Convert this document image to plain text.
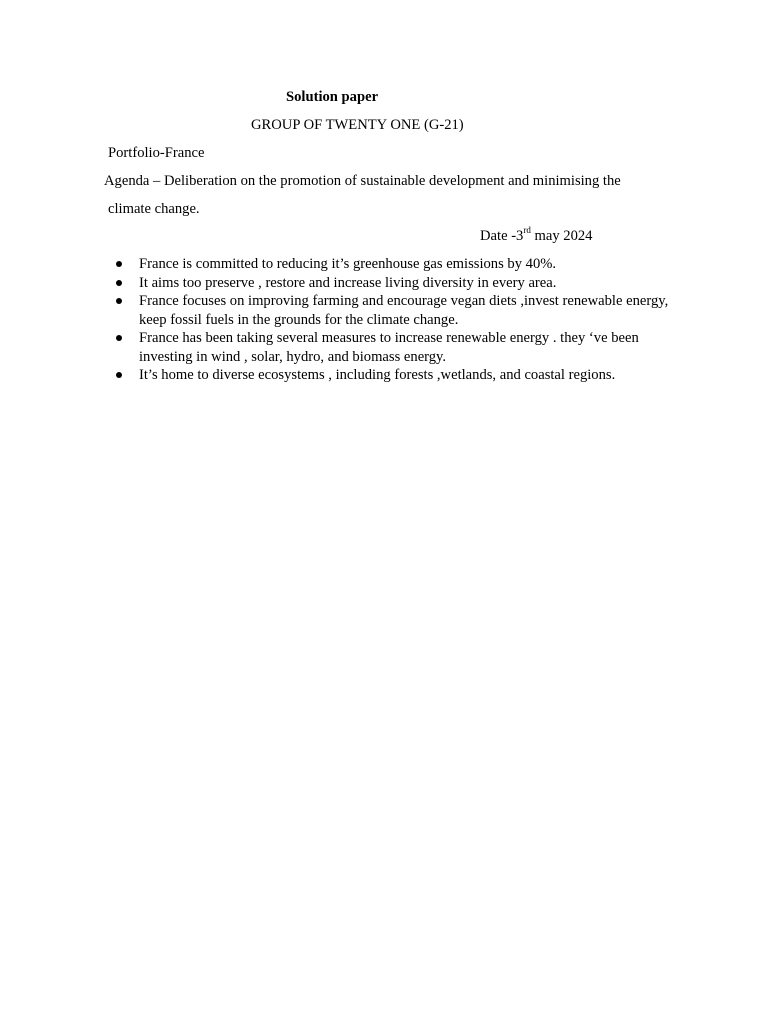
Solution paper
GROUP OF TWENTY ONE (G-21)
Portfolio-France
Agenda – Deliberation on the promotion of sustainable development and minimising the
climate change.
Date -3rd may 2024
France is committed to reducing it’s greenhouse gas emissions by 40%.
It aims too preserve , restore and increase living diversity in every area.
France focuses on improving farming and encourage vegan diets ,invest renewable energy, keep fossil fuels in the grounds for the climate change.
France has been taking several measures to increase renewable energy . they ‘ve been investing in wind , solar, hydro, and biomass energy.
It’s home to diverse ecosystems , including forests ,wetlands, and coastal regions.
